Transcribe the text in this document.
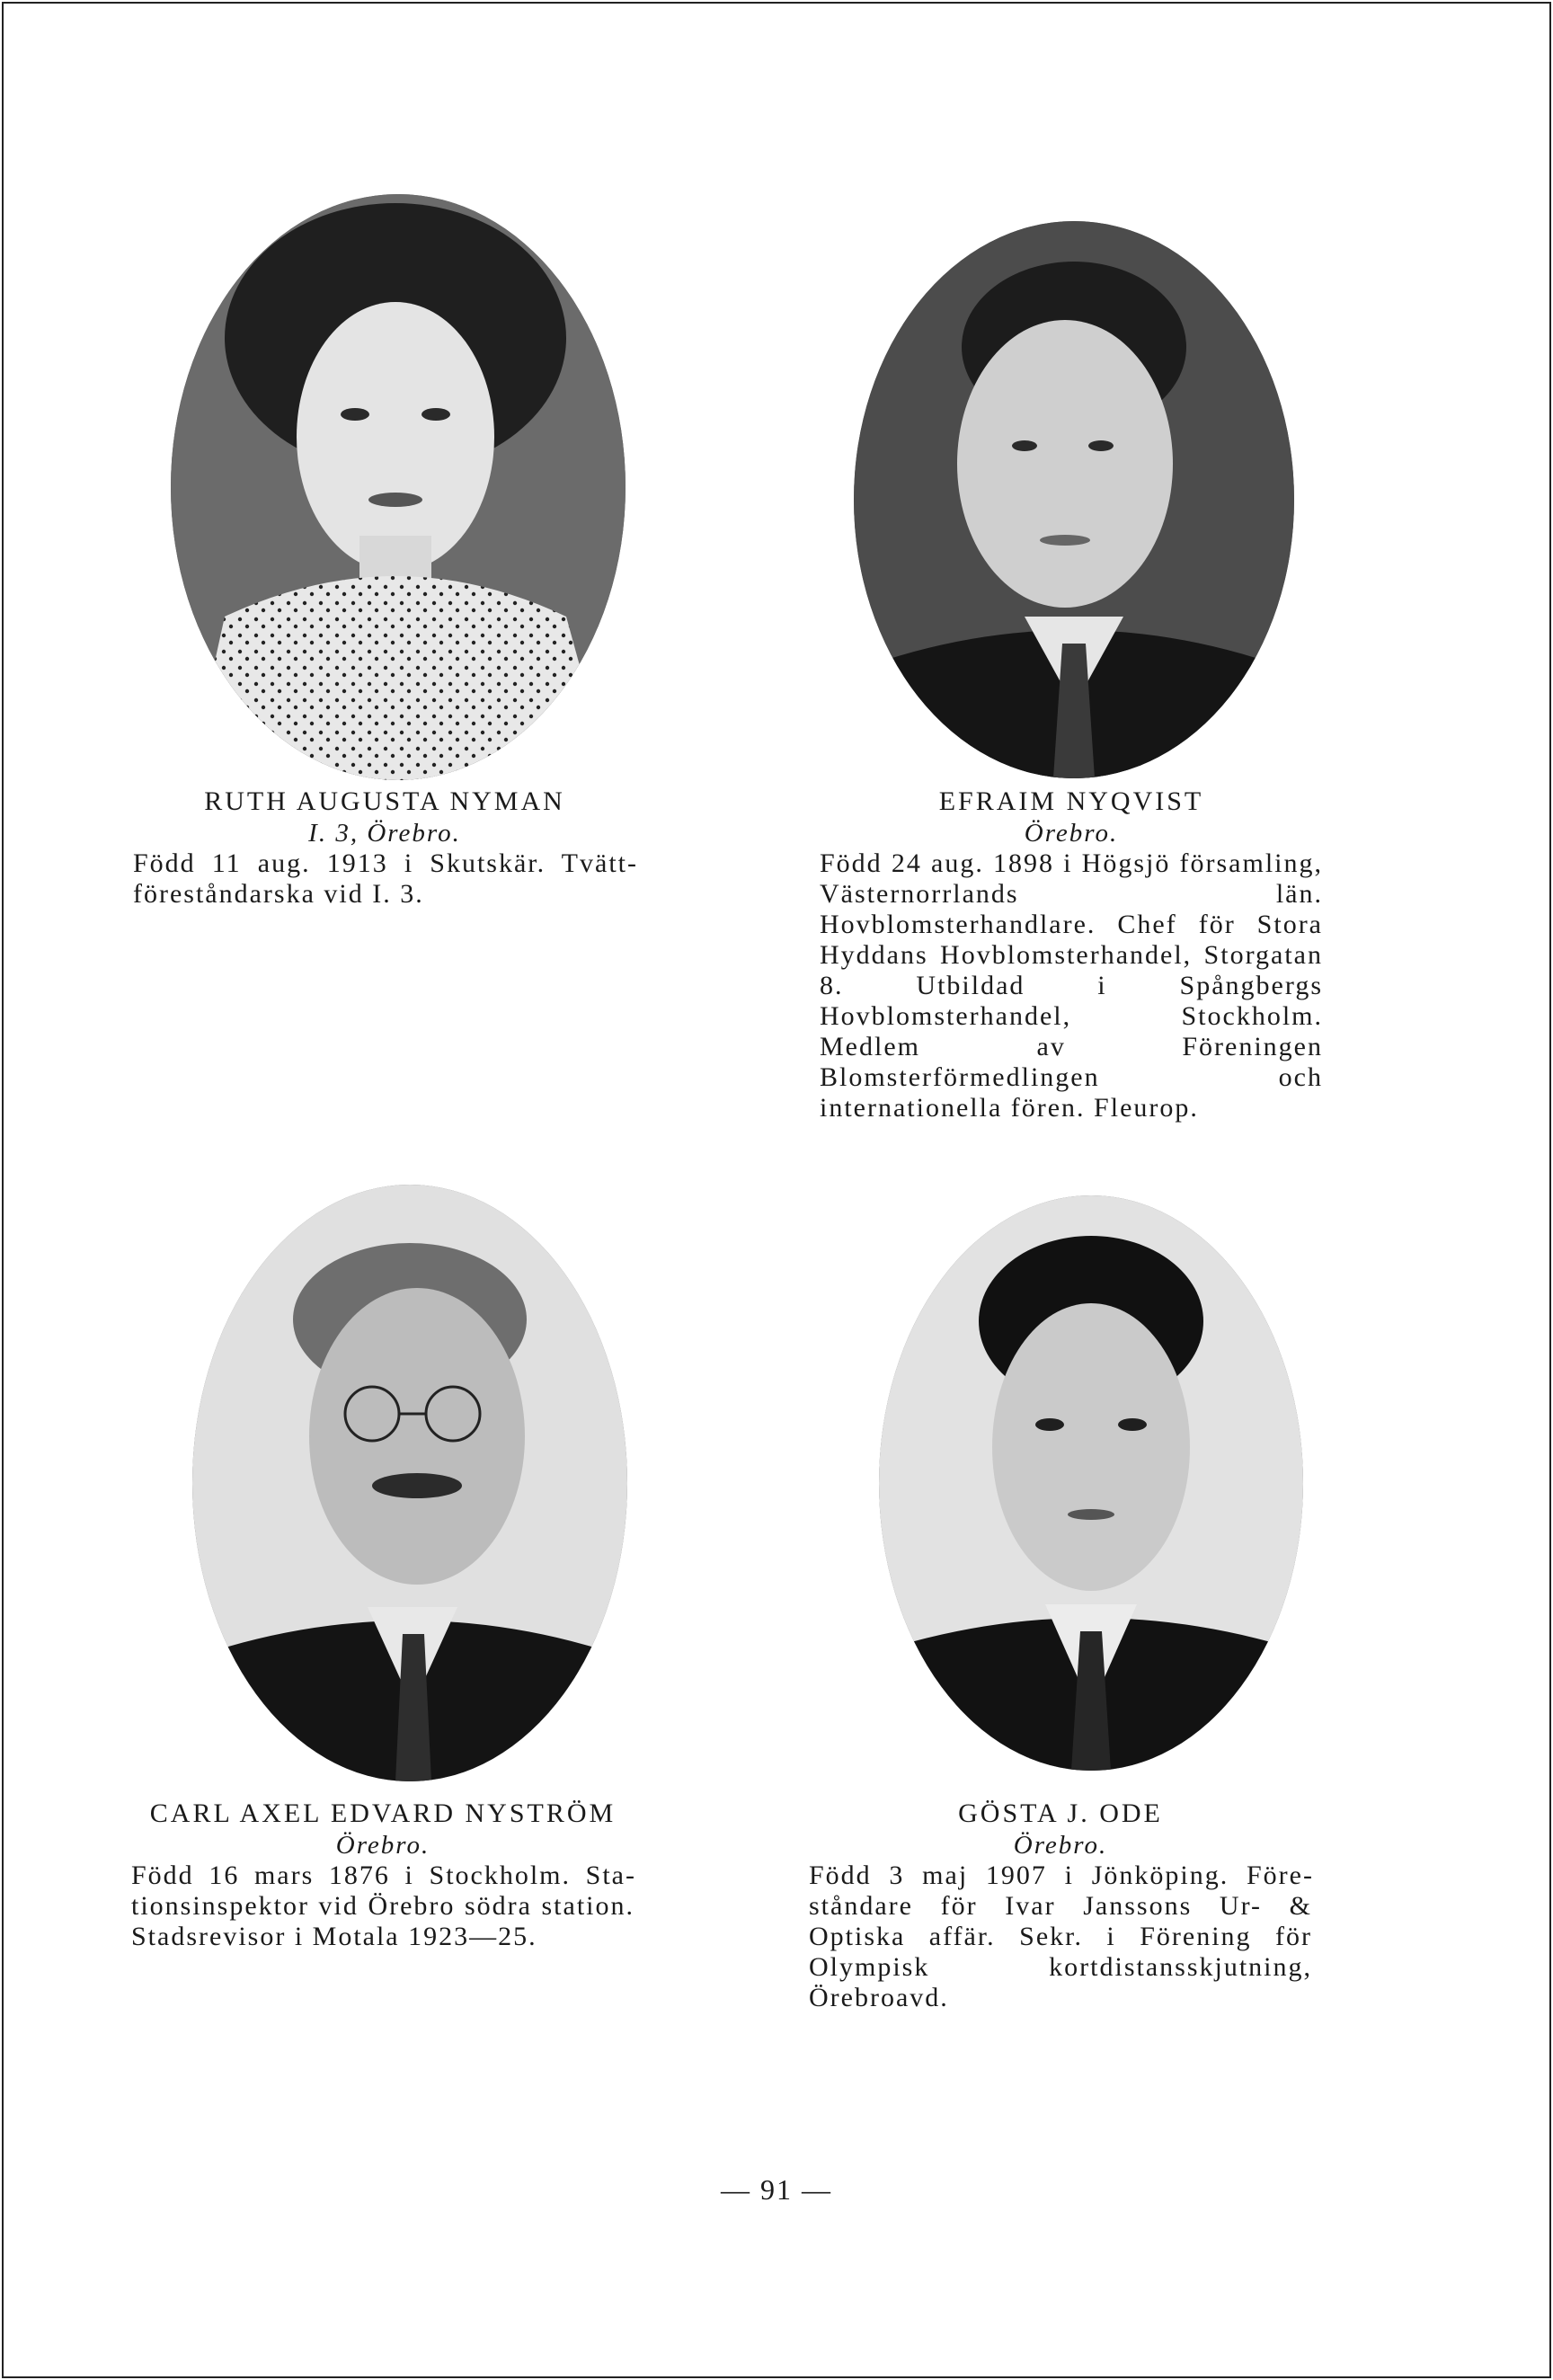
RUTH AUGUSTA NYMAN
I. 3, Örebro.
Född 11 aug. 1913 i Skutskär. Tvättföreståndarska vid I. 3.
EFRAIM NYQVIST
Örebro.
Född 24 aug. 1898 i Högsjö församling, Västernorrlands län. Hovblomsterhandlare. Chef för Stora Hyddans Hovblomsterhandel, Storgatan 8. Utbildad i Spångbergs Hovblomsterhandel, Stockholm. Medlem av Föreningen Blomsterförmedlingen och internationella fören. Fleurop.
CARL AXEL EDVARD NYSTRÖM
Örebro.
Född 16 mars 1876 i Stockholm. Stationsinspektor vid Örebro södra station. Stadsrevisor i Motala 1923—25.
GÖSTA J. ODE
Örebro.
Född 3 maj 1907 i Jönköping. Föreståndare för Ivar Janssons Ur- & Optiska affär. Sekr. i Förening för Olympisk kortdistansskjutning, Örebroavd.
— 91 —
